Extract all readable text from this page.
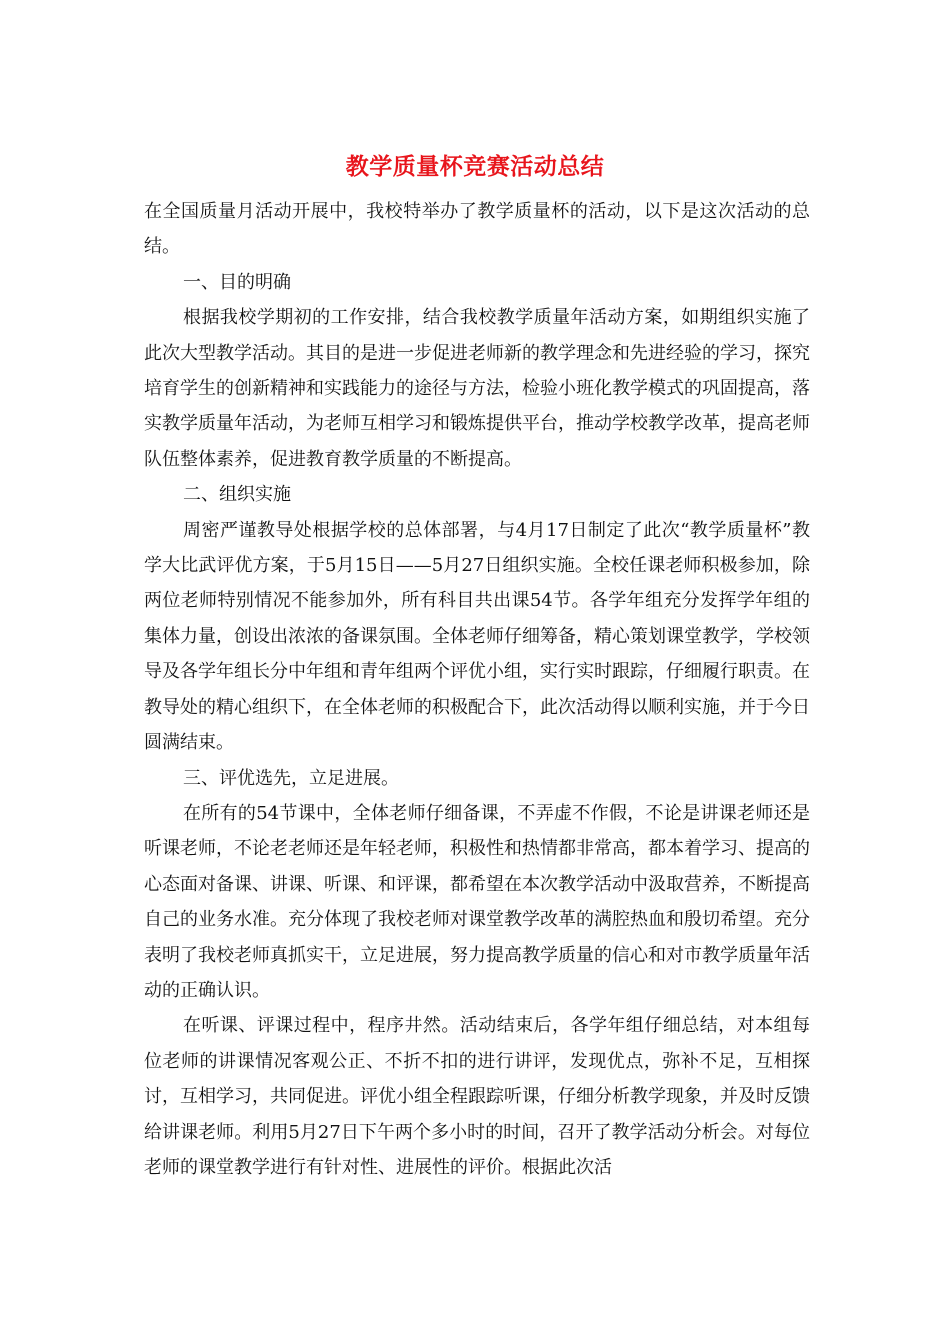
教学质量杯竞赛活动总结

在全国质量月活动开展中，我校特举办了教学质量杯的活动，以下是这次活动的总结。

一、目的明确

根据我校学期初的工作安排，结合我校教学质量年活动方案，如期组织实施了此次大型教学活动。其目的是进一步促进老师新的教学理念和先进经验的学习，探究培育学生的创新精神和实践能力的途径与方法，检验小班化教学模式的巩固提高，落实教学质量年活动，为老师互相学习和锻炼提供平台，推动学校教学改革，提高老师队伍整体素养，促进教育教学质量的不断提高。

二、组织实施

周密严谨教导处根据学校的总体部署，与4月17日制定了此次“教学质量杯”教学大比武评优方案，于5月15日——5月27日组织实施。全校任课老师积极参加，除两位老师特别情况不能参加外，所有科目共出课54节。各学年组充分发挥学年组的集体力量，创设出浓浓的备课氛围。全体老师仔细筹备，精心策划课堂教学，学校领导及各学年组长分中年组和青年组两个评优小组，实行实时跟踪，仔细履行职责。在教导处的精心组织下，在全体老师的积极配合下，此次活动得以顺利实施，并于今日圆满结束。

三、评优选先，立足进展。

在所有的54节课中，全体老师仔细备课，不弄虚不作假，不论是讲课老师还是听课老师，不论老老师还是年轻老师，积极性和热情都非常高，都本着学习、提高的心态面对备课、讲课、听课、和评课，都希望在本次教学活动中汲取营养，不断提高自己的业务水准。充分体现了我校老师对课堂教学改革的满腔热血和殷切希望。充分表明了我校老师真抓实干，立足进展，努力提高教学质量的信心和对市教学质量年活动的正确认识。

在听课、评课过程中，程序井然。活动结束后，各学年组仔细总结，对本组每位老师的讲课情况客观公正、不折不扣的进行讲评，发现优点，弥补不足，互相探讨，互相学习，共同促进。评优小组全程跟踪听课，仔细分析教学现象，并及时反馈给讲课老师。利用5月27日下午两个多小时的时间，召开了教学活动分析会。对每位老师的课堂教学进行有针对性、进展性的评价。根据此次活
